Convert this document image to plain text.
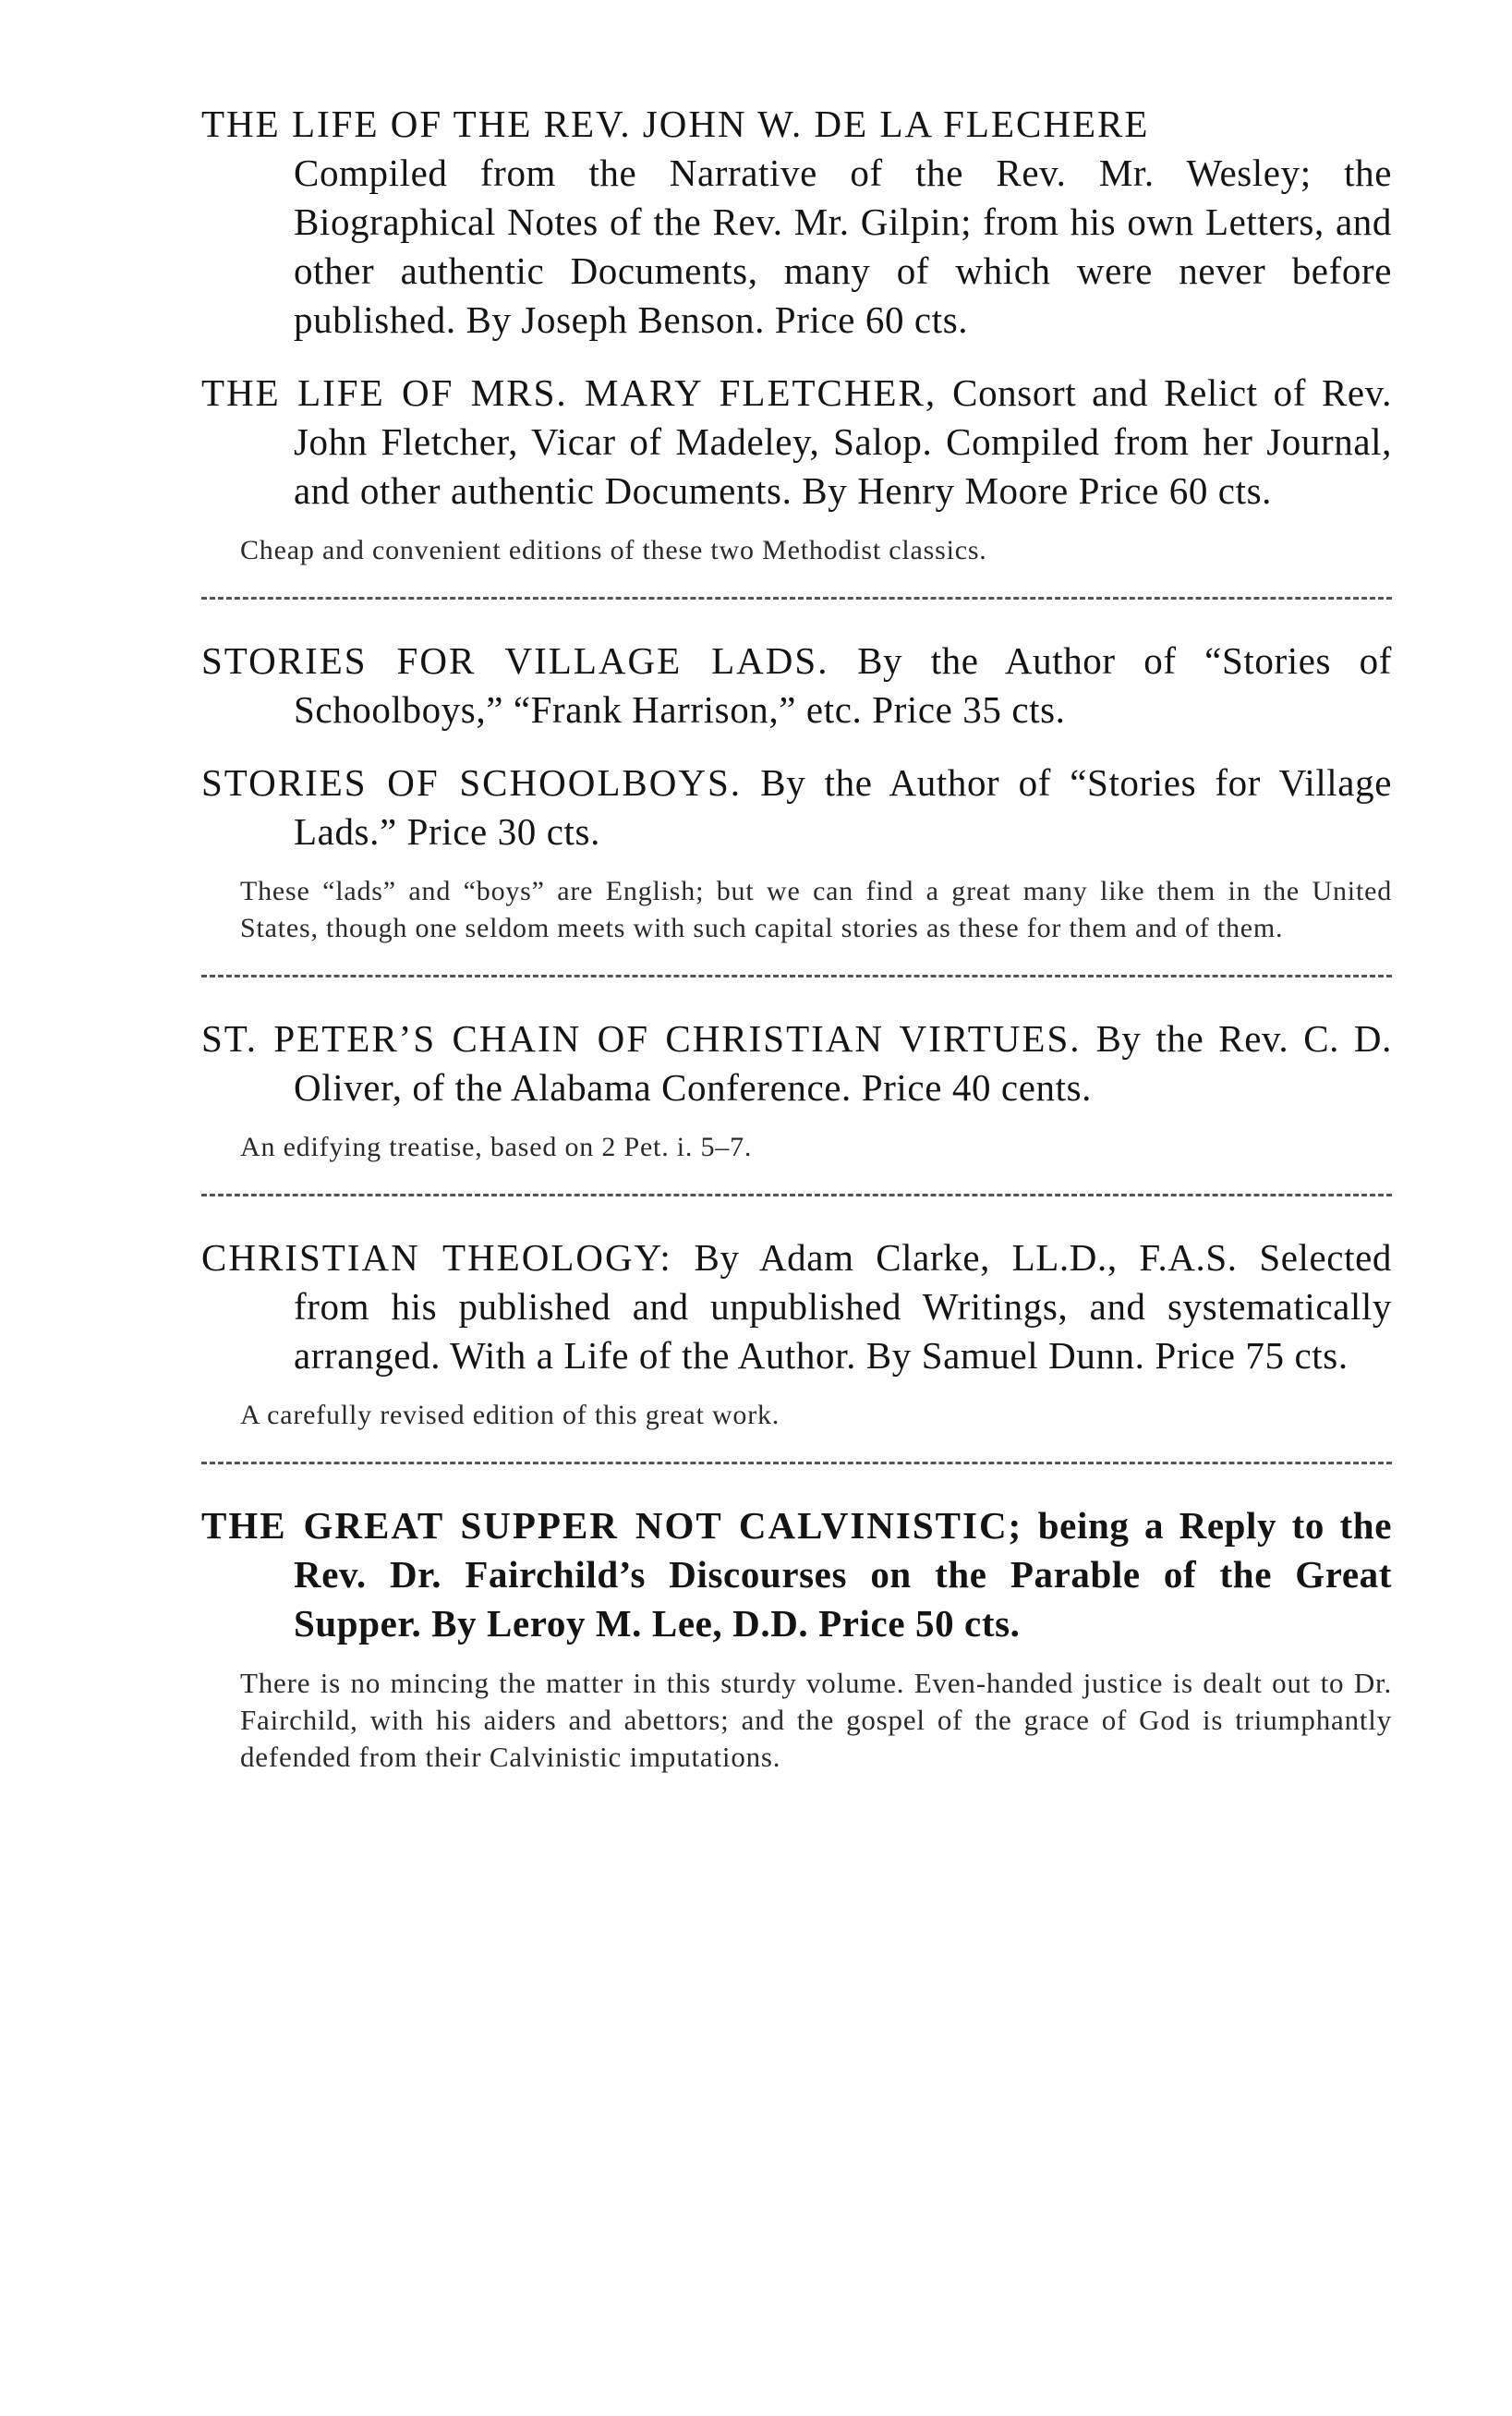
THE LIFE OF THE REV. JOHN W. DE LA FLECHERE
Compiled from the Narrative of the Rev. Mr. Wesley; the Biographical Notes of the Rev. Mr. Gilpin; from his own Letters, and other authentic Documents, many of which were never before published. By Joseph Benson. Price 60 cts.

THE LIFE OF MRS. MARY FLETCHER, Consort and Relict of Rev. John Fletcher, Vicar of Madeley, Salop. Compiled from her Journal, and other authentic Documents. By Henry Moore Price 60 cts.

Cheap and convenient editions of these two Methodist classics.

STORIES FOR VILLAGE LADS. By the Author of “Stories of Schoolboys,” “Frank Harrison,” etc. Price 35 cts.

STORIES OF SCHOOLBOYS. By the Author of “Stories for Village Lads.” Price 30 cts.

These “lads” and “boys” are English; but we can find a great many like them in the United States, though one seldom meets with such capital stories as these for them and of them.

ST. PETER’S CHAIN OF CHRISTIAN VIRTUES. By the Rev. C. D. Oliver, of the Alabama Conference. Price 40 cents.

An edifying treatise, based on 2 Pet. i. 5–7.

CHRISTIAN THEOLOGY: By Adam Clarke, LL.D., F.A.S. Selected from his published and unpublished Writings, and systematically arranged. With a Life of the Author. By Samuel Dunn. Price 75 cts.

A carefully revised edition of this great work.

THE GREAT SUPPER NOT CALVINISTIC; being a Reply to the Rev. Dr. Fairchild’s Discourses on the Parable of the Great Supper. By Leroy M. Lee, D.D. Price 50 cts.

There is no mincing the matter in this sturdy volume. Even-handed justice is dealt out to Dr. Fairchild, with his aiders and abettors; and the gospel of the grace of God is triumphantly defended from their Calvinistic imputations.
